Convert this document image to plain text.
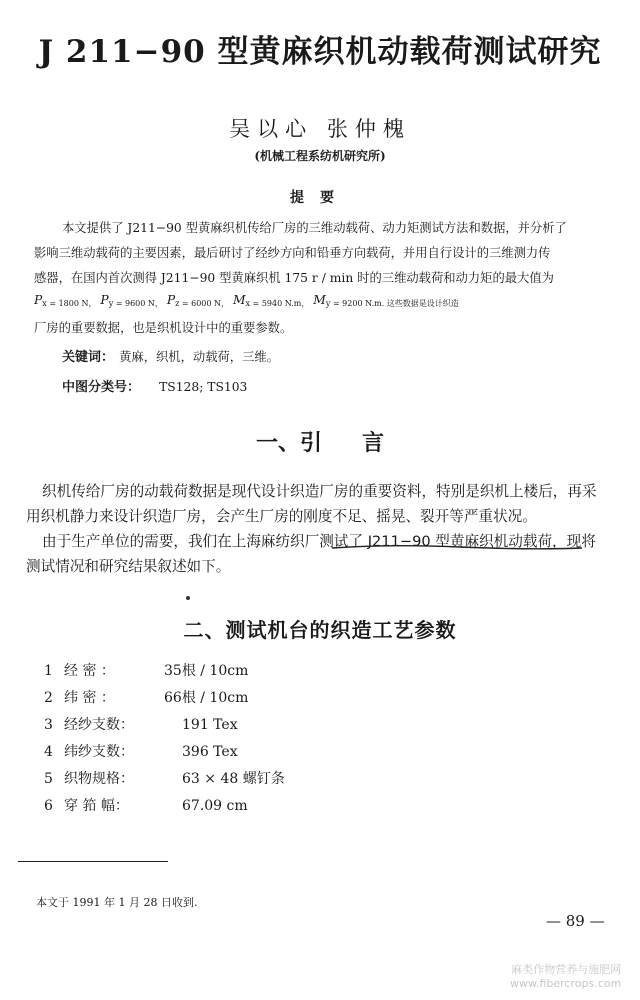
J 211−90 型黄麻织机动载荷测试研究
吴以心 张仲槐
(机械工程系纺机研究所)
提要
本文提供了 J211−90 型黄麻织机传给厂房的三维动载荷、动力矩测试方法和数据，并分析了
影响三维动载荷的主要因素，最后研讨了经纱方向和铅垂方向载荷，并用自行设计的三维测力传
感器，在国内首次测得 J211−90 型黄麻织机 175 r / min 时的三维动载荷和动力矩的最大值为
$P_{x = 1800 N,}$ $P_{y = 9600 N,}$ $P_{z = 6000 N,}$ $M_{x = 5940 N.m,}$ $M_{y = 9200 N.m. 这些数据是设计织造}$
厂房的重要数据，也是织机设计中的重要参数。
关键词： 黄麻，织机，动载荷，三维。
中图分类号： TS128; TS103
一、引 言
织机传给厂房的动载荷数据是现代设计织造厂房的重要资料，特别是织机上楼后，再采
用织机静力来设计织造厂房，会产生厂房的刚度不足、摇晃、裂开等严重状况。
由于生产单位的需要，我们在上海麻纺织厂测试了 J211−90 型黄麻织机动载荷，现将
测试情况和研究结果叙述如下。
二、测试机台的织造工艺参数
1 经 密 ：	35根 / 10cm
2 纬 密 ：	66根 / 10cm
3 经纱支数：	191 Tex
4 纬纱支数：	396 Tex
5 织物规格：	63 × 48 螺钉条
6 穿 筘 幅：	67.09 cm
本文于 1991 年 1 月 28 日收到.
— 89 —
麻类作物营养与施肥网
www.fibercrops.com
